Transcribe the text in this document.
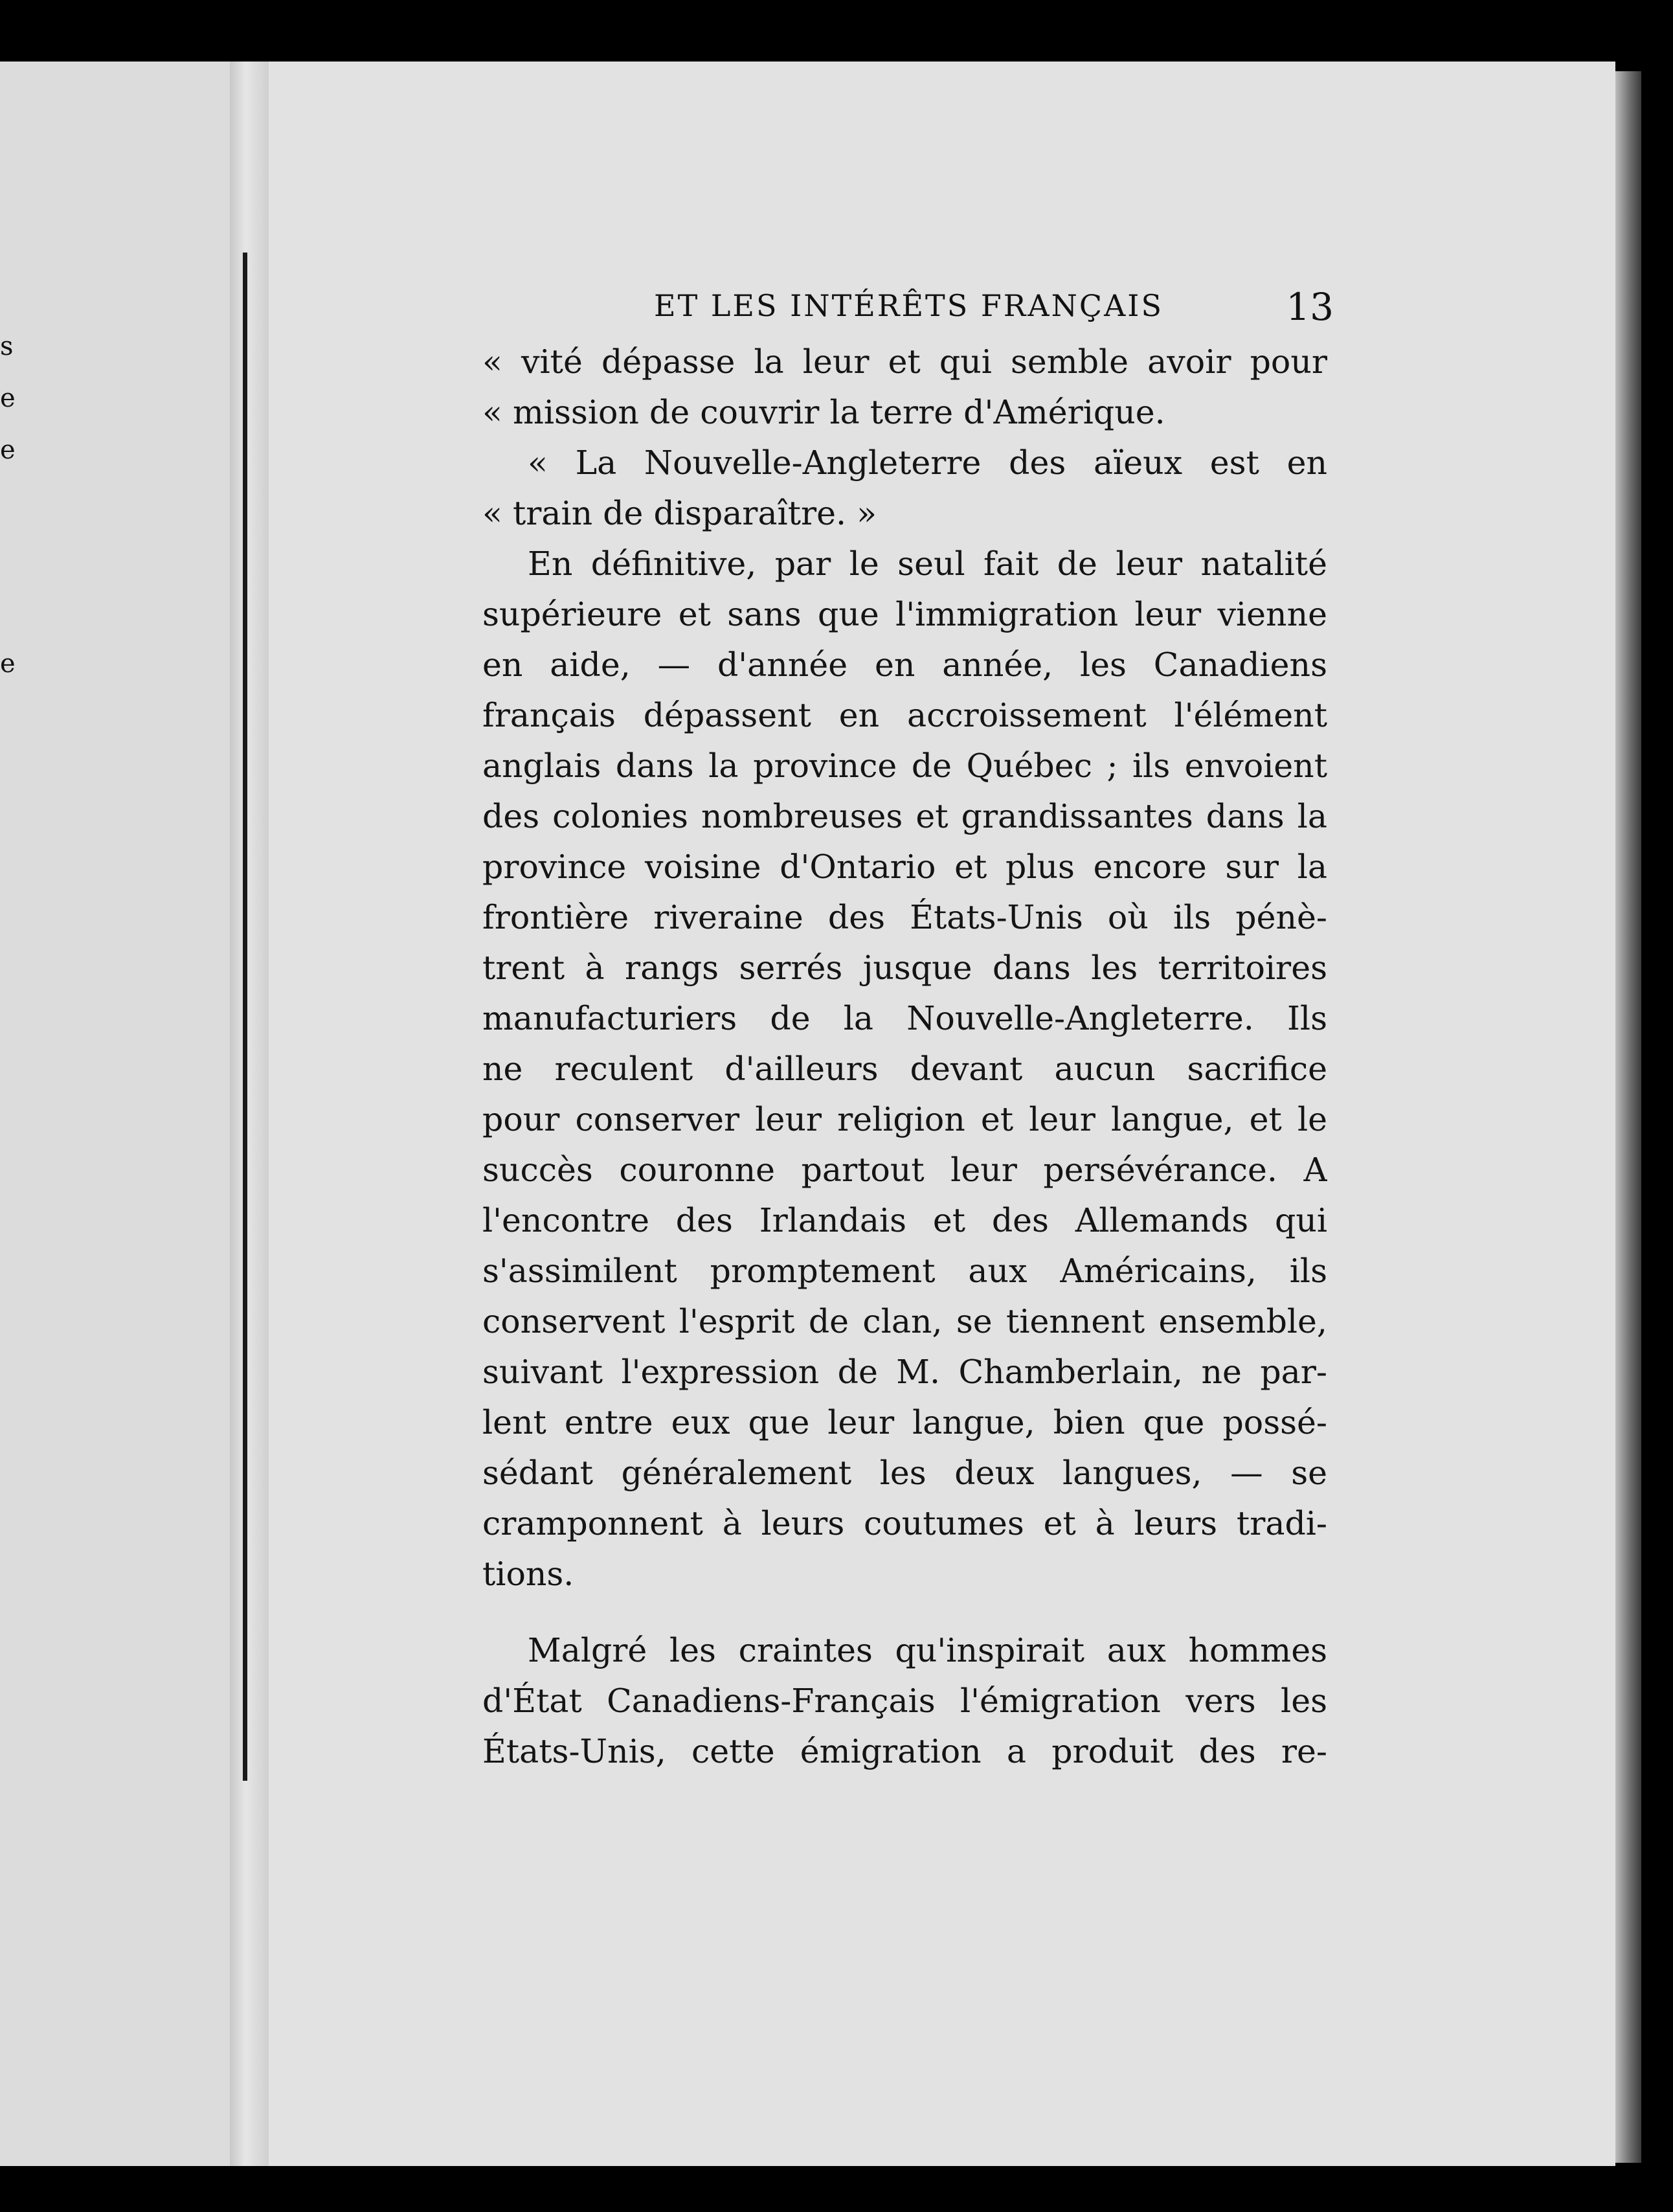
s
e
e
e
ET LES INTÉRÊTS FRANÇAIS	13
« vité dépasse la leur et qui semble avoir pour
« mission de couvrir la terre d'Amérique.
« La Nouvelle-Angleterre des aïeux est en
« train de disparaître. »
En définitive, par le seul fait de leur natalité
supérieure et sans que l'immigration leur vienne
en aide, — d'année en année, les Canadiens
français dépassent en accroissement l'élément
anglais dans la province de Québec ; ils envoient
des colonies nombreuses et grandissantes dans la
province voisine d'Ontario et plus encore sur la
frontière riveraine des États-Unis où ils pénè-
trent à rangs serrés jusque dans les territoires
manufacturiers de la Nouvelle-Angleterre. Ils
ne reculent d'ailleurs devant aucun sacrifice
pour conserver leur religion et leur langue, et le
succès couronne partout leur persévérance. A
l'encontre des Irlandais et des Allemands qui
s'assimilent promptement aux Américains, ils
conservent l'esprit de clan, se tiennent ensemble,
suivant l'expression de M. Chamberlain, ne par-
lent entre eux que leur langue, bien que possé-
sédant généralement les deux langues, — se
cramponnent à leurs coutumes et à leurs tradi-
tions.
Malgré les craintes qu'inspirait aux hommes
d'État Canadiens-Français l'émigration vers les
États-Unis, cette émigration a produit des re-
